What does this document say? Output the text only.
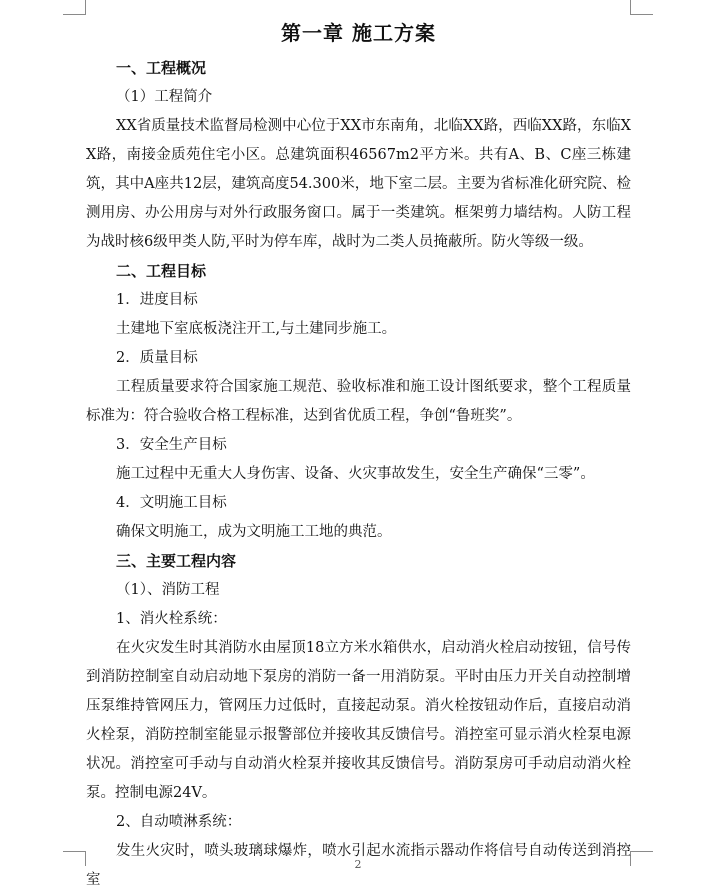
第一章 施工方案
一、工程概况

（1）工程简介

XX省质量技术监督局检测中心位于XX市东南角，北临XX路，西临XX路，东临XX路，南接金质苑住宅小区。总建筑面积46567m2平方米。共有A、B、C座三栋建筑，其中A座共12层，建筑高度54.300米，地下室二层。主要为省标准化研究院、检测用房、办公用房与对外行政服务窗口。属于一类建筑。框架剪力墙结构。人防工程为战时核6级甲类人防,平时为停车库，战时为二类人员掩蔽所。防火等级一级。

二、工程目标

1．进度目标

土建地下室底板浇注开工,与土建同步施工。

2．质量目标

工程质量要求符合国家施工规范、验收标准和施工设计图纸要求，整个工程质量标准为：符合验收合格工程标准，达到省优质工程，争创“鲁班奖”。

3．安全生产目标

施工过程中无重大人身伤害、设备、火灾事故发生，安全生产确保“三零”。

4．文明施工目标

确保文明施工，成为文明施工工地的典范。

三、主要工程内容

（1）、消防工程

1、消火栓系统：

在火灾发生时其消防水由屋顶18立方米水箱供水，启动消火栓启动按钮，信号传到消防控制室自动启动地下泵房的消防一备一用消防泵。平时由压力开关自动控制增压泵维持管网压力，管网压力过低时，直接起动泵。消火栓按钮动作后，直接启动消火栓泵，消防控制室能显示报警部位并接收其反馈信号。消控室可显示消火栓泵电源状况。消控室可手动与自动消火栓泵并接收其反馈信号。消防泵房可手动启动消火栓泵。控制电源24V。

2、自动喷淋系统：

发生火灾时，喷头玻璃球爆炸，喷水引起水流指示器动作将信号自动传送到消控室

2
